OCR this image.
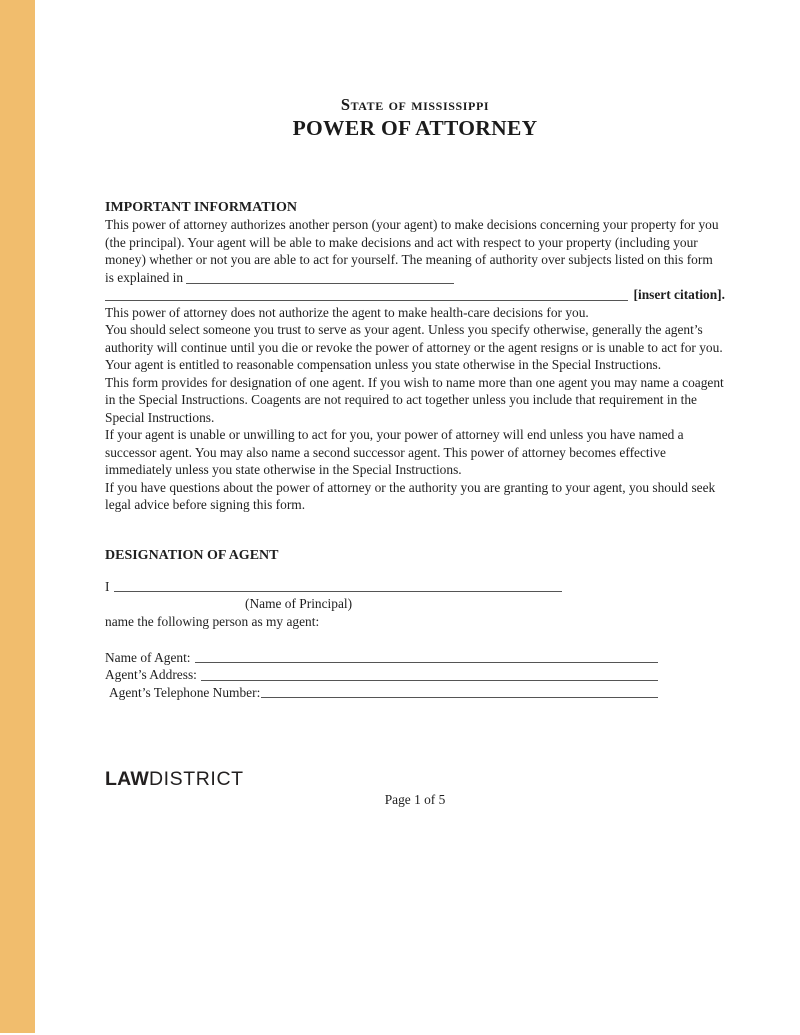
State of mississippi
POWER OF ATTORNEY
IMPORTANT INFORMATION

This power of attorney authorizes another person (your agent) to make decisions concerning your property for you (the principal). Your agent will be able to make decisions and act with respect to your property (including your money) whether or not you are able to act for yourself. The meaning of authority over subjects listed on this form is explained in

[insert citation].

This power of attorney does not authorize the agent to make health-care decisions for you.

You should select someone you trust to serve as your agent. Unless you specify otherwise, generally the agent’s authority will continue until you die or revoke the power of attorney or the agent resigns or is unable to act for you. Your agent is entitled to reasonable compensation unless you state otherwise in the Special Instructions.

This form provides for designation of one agent. If you wish to name more than one agent you may name a coagent in the Special Instructions. Coagents are not required to act together unless you include that requirement in the Special Instructions.

If your agent is unable or unwilling to act for you, your power of attorney will end unless you have named a successor agent. You may also name a second successor agent. This power of attorney becomes effective immediately unless you state otherwise in the Special Instructions.

If you have questions about the power of attorney or the authority you are granting to your agent, you should seek legal advice before signing this form.

DESIGNATION OF AGENT
I
(Name of Principal)

name the following person as my agent:

Name of Agent:
Agent’s Address:
Agent’s Telephone Number:
LAWDISTRICT
Page 1 of 5
